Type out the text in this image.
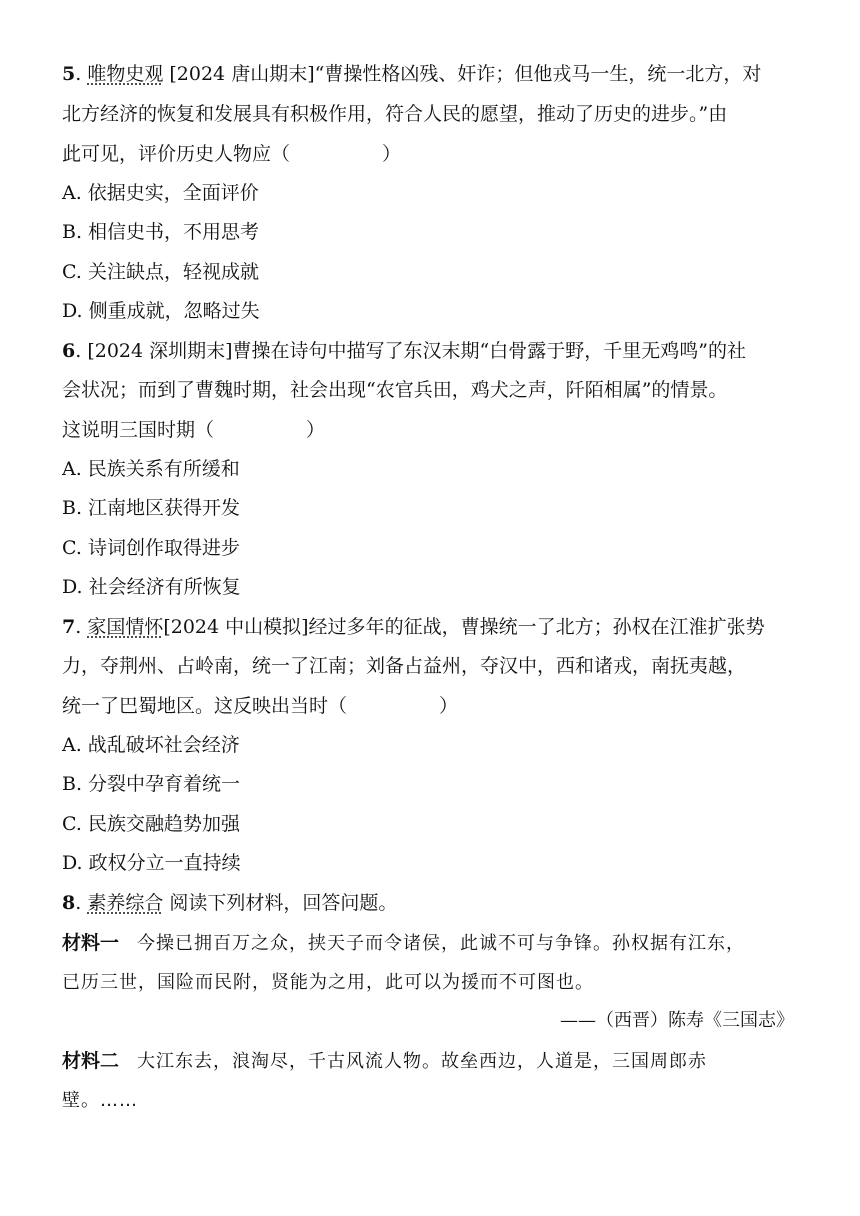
5. 唯物史观 [2024 唐山期末]“曹操性格凶残、奸诈；但他戎马一生，统一北方，对
北方经济的恢复和发展具有积极作用，符合人民的愿望，推动了历史的进步。”由
此可见，评价历史人物应（	）
A. 依据史实，全面评价
B. 相信史书，不用思考
C. 关注缺点，轻视成就
D. 侧重成就，忽略过失
6. [2024 深圳期末]曹操在诗句中描写了东汉末期“白骨露于野，千里无鸡鸣”的社
会状况；而到了曹魏时期，社会出现“农官兵田，鸡犬之声，阡陌相属”的情景。
这说明三国时期（	）
A. 民族关系有所缓和
B. 江南地区获得开发
C. 诗词创作取得进步
D. 社会经济有所恢复
7. 家国情怀[2024 中山模拟]经过多年的征战，曹操统一了北方；孙权在江淮扩张势
力，夺荆州、占岭南，统一了江南；刘备占益州，夺汉中，西和诸戎，南抚夷越，
统一了巴蜀地区。这反映出当时（	）
A. 战乱破坏社会经济
B. 分裂中孕育着统一
C. 民族交融趋势加强
D. 政权分立一直持续
8. 素养综合 阅读下列材料，回答问题。
材料一 今操已拥百万之众，挟天子而令诸侯，此诚不可与争锋。孙权据有江东，
已历三世，国险而民附，贤能为之用，此可以为援而不可图也。
——（西晋）陈寿《三国志》
材料二 大江东去，浪淘尽，千古风流人物。故垒西边，人道是，三国周郎赤
壁。……
